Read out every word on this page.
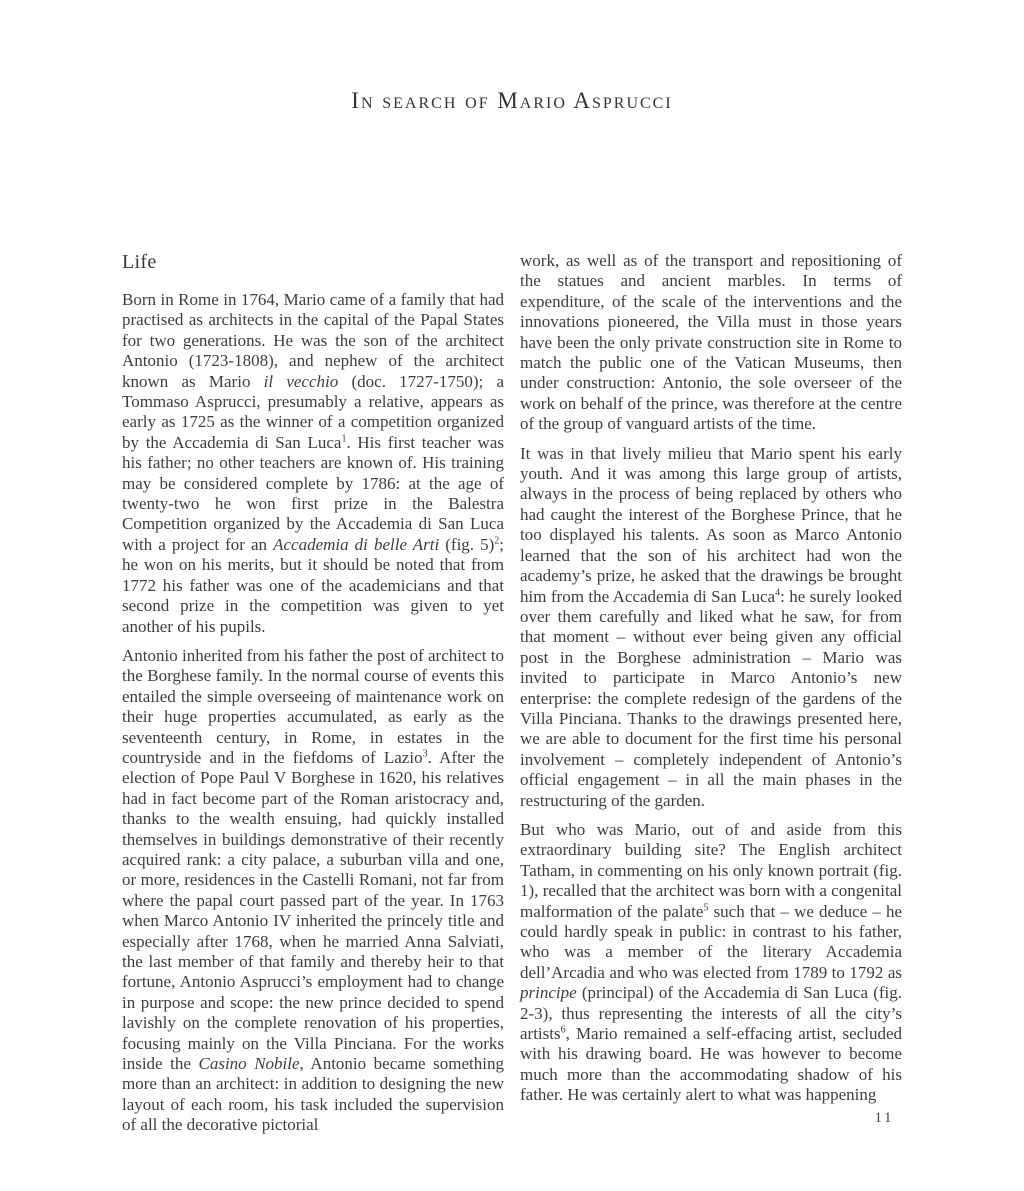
In search of Mario Asprucci
Life

Born in Rome in 1764, Mario came of a family that had practised as architects in the capital of the Papal States for two generations. He was the son of the architect Antonio (1723-1808), and nephew of the architect known as Mario il vecchio (doc. 1727-1750); a Tommaso Asprucci, presumably a relative, appears as early as 1725 as the winner of a competition organized by the Accademia di San Luca$^1$. His first teacher was his father; no other teachers are known of. His training may be considered complete by 1786: at the age of twenty-two he won first prize in the Balestra Competition organized by the Accademia di San Luca with a project for an Accademia di belle Arti (fig. 5)$^2$; he won on his merits, but it should be noted that from 1772 his father was one of the academicians and that second prize in the competition was given to yet another of his pupils.

Antonio inherited from his father the post of architect to the Borghese family. In the normal course of events this entailed the simple overseeing of maintenance work on their huge properties accumulated, as early as the seventeenth century, in Rome, in estates in the countryside and in the fiefdoms of Lazio$^3$. After the election of Pope Paul V Borghese in 1620, his relatives had in fact become part of the Roman aristocracy and, thanks to the wealth ensuing, had quickly installed themselves in buildings demonstrative of their recently acquired rank: a city palace, a suburban villa and one, or more, residences in the Castelli Romani, not far from where the papal court passed part of the year. In 1763 when Marco Antonio IV inherited the princely title and especially after 1768, when he married Anna Salviati, the last member of that family and thereby heir to that fortune, Antonio Asprucci’s employment had to change in purpose and scope: the new prince decided to spend lavishly on the complete renovation of his properties, focusing mainly on the Villa Pinciana. For the works inside the Casino Nobile, Antonio became something more than an architect: in addition to designing the new layout of each room, his task included the supervision of all the decorative pictorial

work, as well as of the transport and repositioning of the statues and ancient marbles. In terms of expenditure, of the scale of the interventions and the innovations pioneered, the Villa must in those years have been the only private construction site in Rome to match the public one of the Vatican Museums, then under construction: Antonio, the sole overseer of the work on behalf of the prince, was therefore at the centre of the group of vanguard artists of the time.

It was in that lively milieu that Mario spent his early youth. And it was among this large group of artists, always in the process of being replaced by others who had caught the interest of the Borghese Prince, that he too displayed his talents. As soon as Marco Antonio learned that the son of his architect had won the academy’s prize, he asked that the drawings be brought him from the Accademia di San Luca$^4$: he surely looked over them carefully and liked what he saw, for from that moment – without ever being given any official post in the Borghese administration – Mario was invited to participate in Marco Antonio’s new enterprise: the complete redesign of the gardens of the Villa Pinciana. Thanks to the drawings presented here, we are able to document for the first time his personal involvement – completely independent of Antonio’s official engagement – in all the main phases in the restructuring of the garden.

But who was Mario, out of and aside from this extraordinary building site? The English architect Tatham, in commenting on his only known portrait (fig. 1), recalled that the architect was born with a congenital malformation of the palate$^5$ such that – we deduce – he could hardly speak in public: in contrast to his father, who was a member of the literary Accademia dell’Arcadia and who was elected from 1789 to 1792 as principe (principal) of the Accademia di San Luca (fig. 2-3), thus representing the interests of all the city’s artists$^6$, Mario remained a self-effacing artist, secluded with his drawing board. He was however to become much more than the accommodating shadow of his father. He was certainly alert to what was happening

11
